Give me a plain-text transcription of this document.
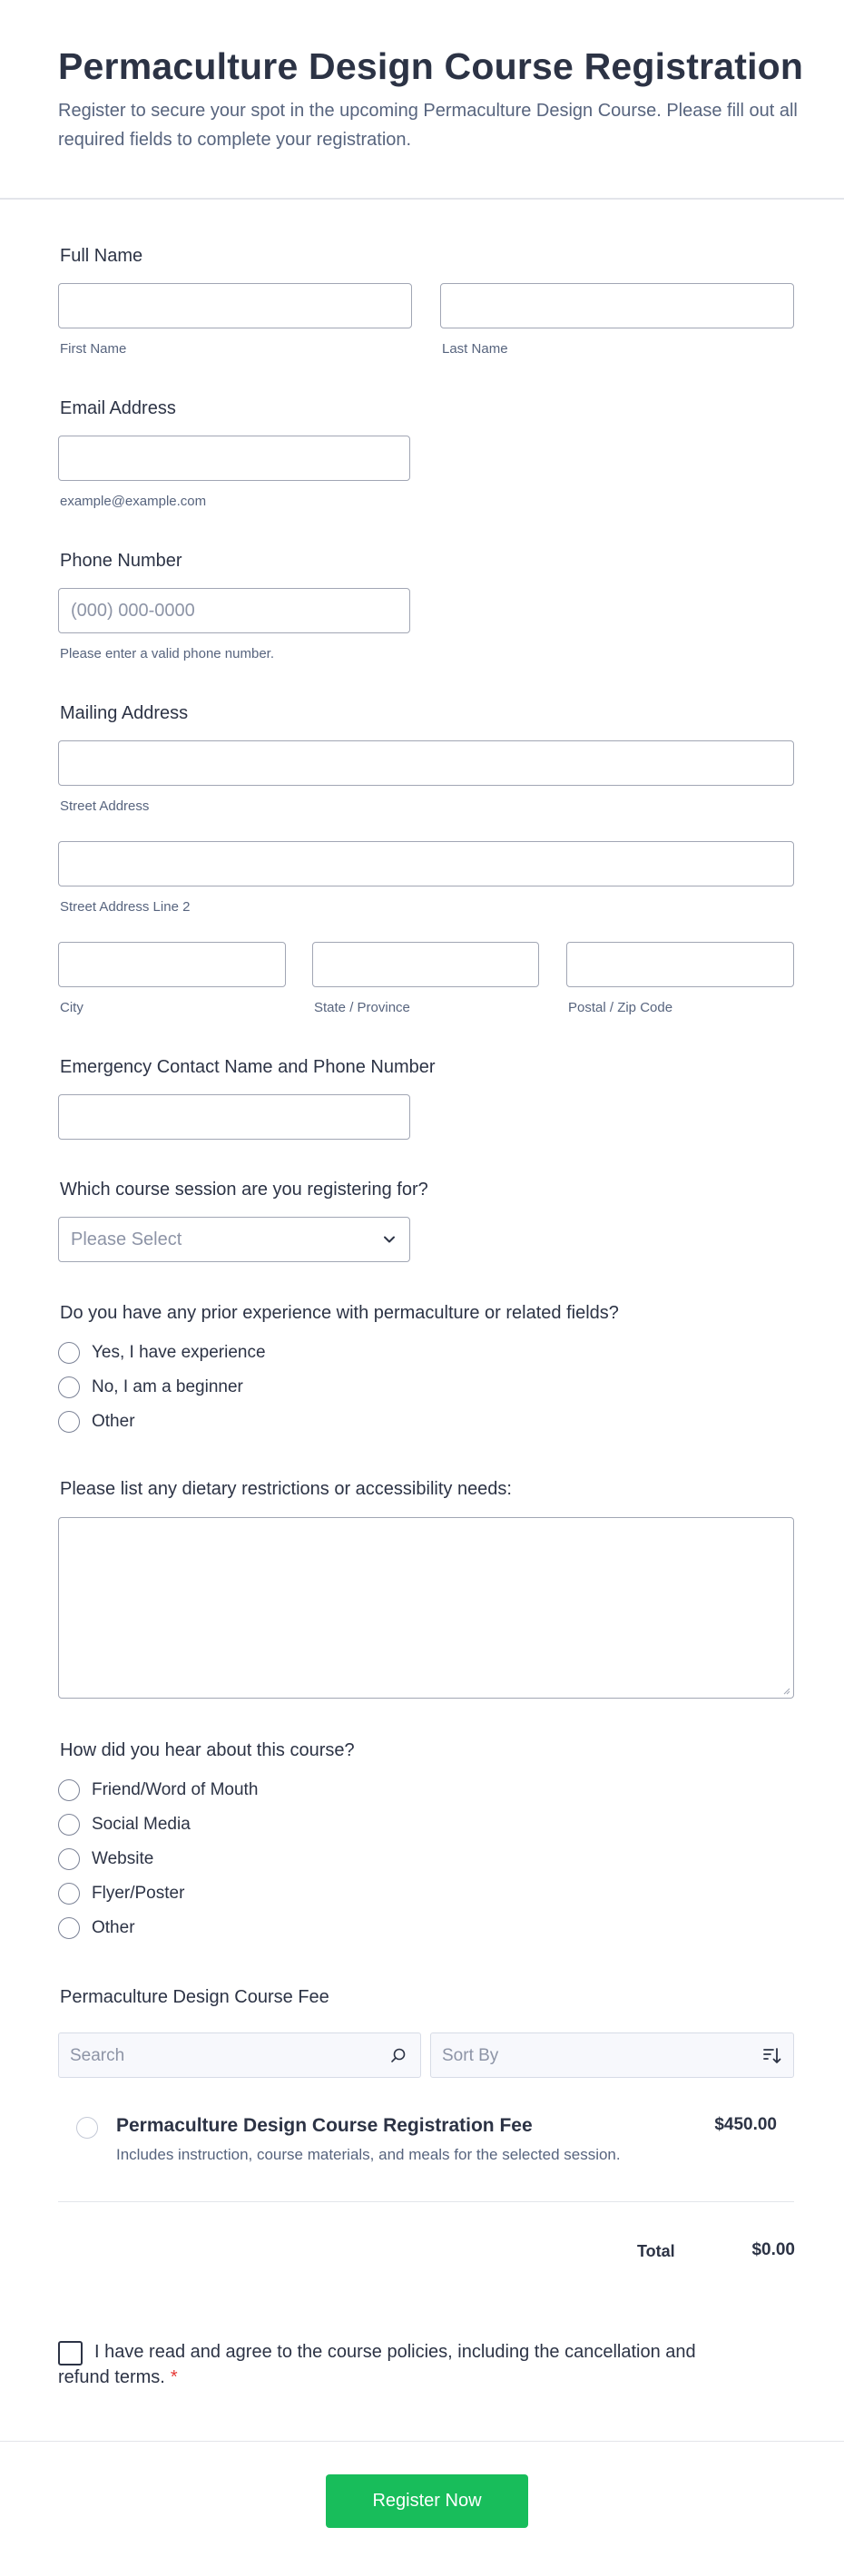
Permaculture Design Course Registration

Register to secure your spot in the upcoming Permaculture Design Course. Please fill out all required fields to complete your registration.

Full Name
First Name	Last Name
Email Address
example@example.com
Phone Number
(000) 000-0000
Please enter a valid phone number.
Mailing Address
Street Address
Street Address Line 2
City	State / Province	Postal / Zip Code
Emergency Contact Name and Phone Number
Which course session are you registering for?
Please Select
Do you have any prior experience with permaculture or related fields?
Yes, I have experience
No, I am a beginner
Other
Please list any dietary restrictions or accessibility needs:
How did you hear about this course?
Friend/Word of Mouth
Social Media
Website
Flyer/Poster
Other
Permaculture Design Course Fee
Search	Sort By
Permaculture Design Course Registration Fee
Includes instruction, course materials, and meals for the selected session.
$450.00
Total	$0.00
I have read and agree to the course policies, including the cancellation and refund terms. *
Register Now
